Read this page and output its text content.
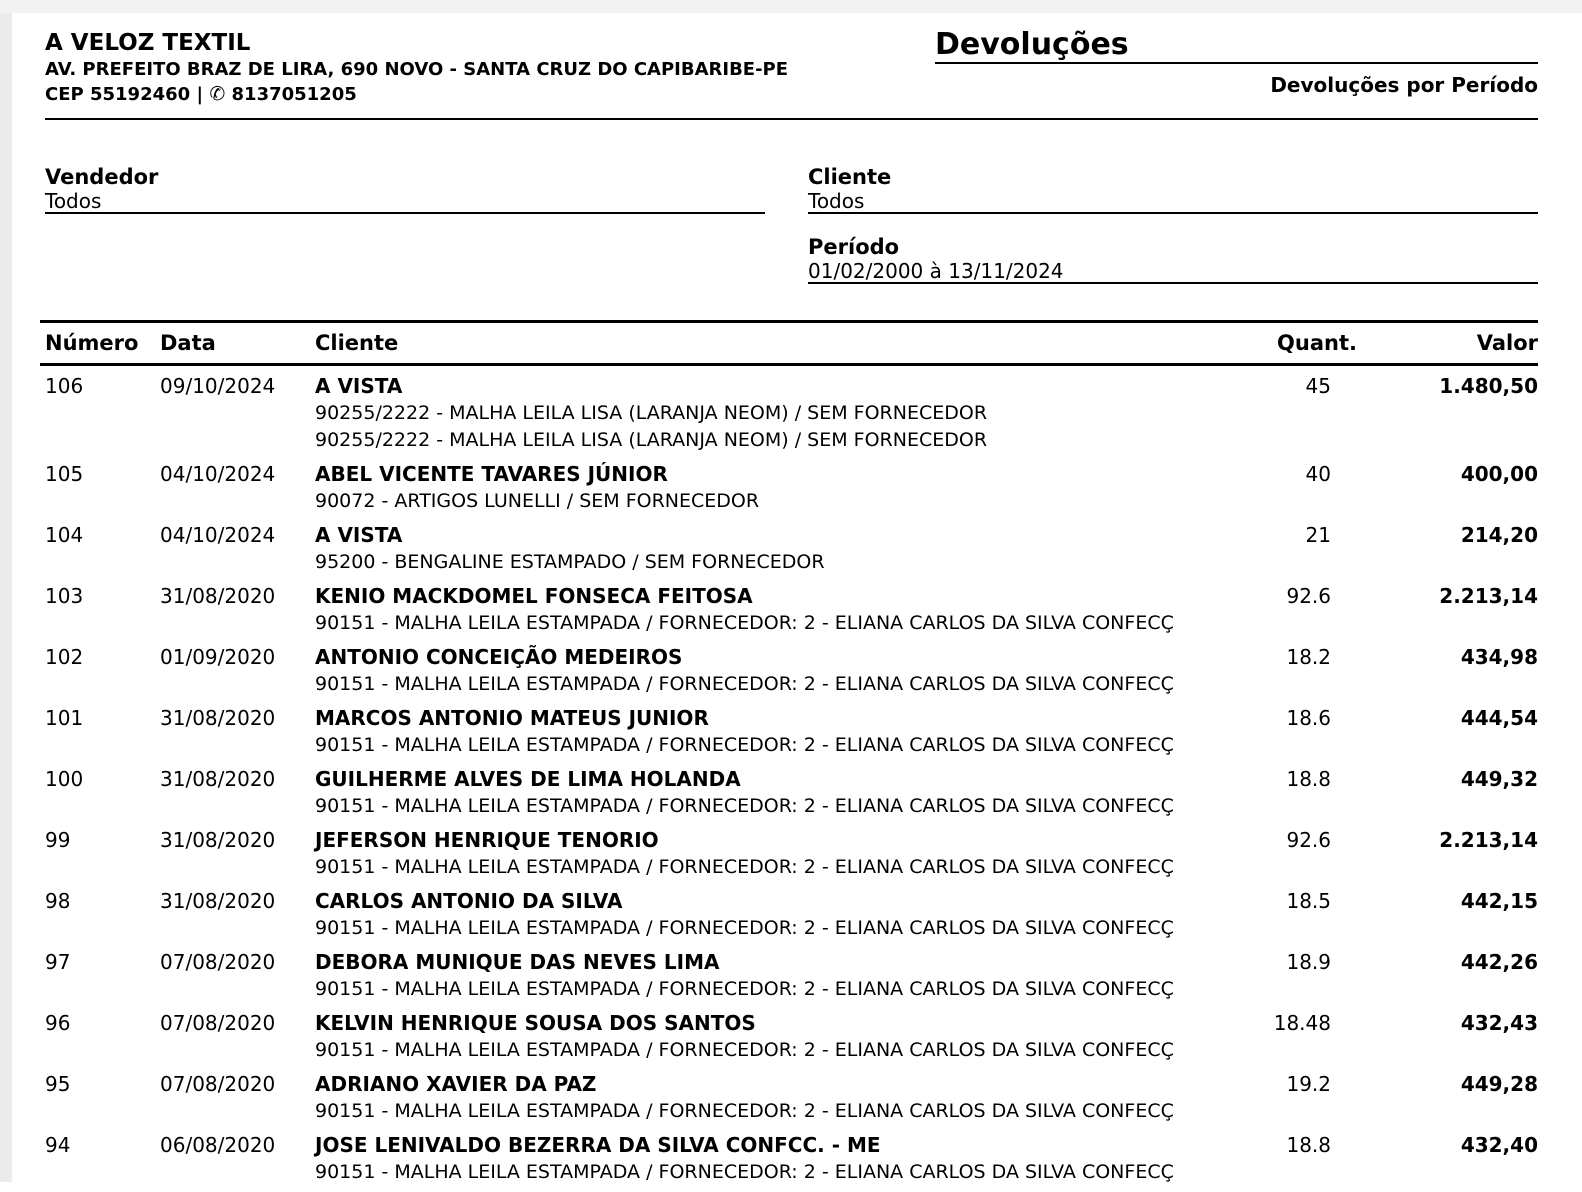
A VELOZ TEXTIL
AV. PREFEITO BRAZ DE LIRA, 690 NOVO - SANTA CRUZ DO CAPIBARIBE-PE
CEP 55192460 | ✆ 8137051205
Devoluções
Devoluções por Período
Vendedor
Todos
Cliente
Todos
Período
01/02/2000 à 13/11/2024
Número	Data	Cliente	Quant.	Valor
106	09/10/2024	A VISTA	45	1.480,50
90255/2222 - MALHA LEILA LISA (LARANJA NEOM) / SEM FORNECEDOR
90255/2222 - MALHA LEILA LISA (LARANJA NEOM) / SEM FORNECEDOR
105	04/10/2024	ABEL VICENTE TAVARES JÚNIOR	40	400,00
90072 - ARTIGOS LUNELLI / SEM FORNECEDOR
104	04/10/2024	A VISTA	21	214,20
95200 - BENGALINE ESTAMPADO / SEM FORNECEDOR
103	31/08/2020	KENIO MACKDOMEL FONSECA FEITOSA	92.6	2.213,14
90151 - MALHA LEILA ESTAMPADA / FORNECEDOR: 2 - ELIANA CARLOS DA SILVA CONFECÇ
102	01/09/2020	ANTONIO CONCEIÇÃO MEDEIROS	18.2	434,98
90151 - MALHA LEILA ESTAMPADA / FORNECEDOR: 2 - ELIANA CARLOS DA SILVA CONFECÇ
101	31/08/2020	MARCOS ANTONIO MATEUS JUNIOR	18.6	444,54
90151 - MALHA LEILA ESTAMPADA / FORNECEDOR: 2 - ELIANA CARLOS DA SILVA CONFECÇ
100	31/08/2020	GUILHERME ALVES DE LIMA HOLANDA	18.8	449,32
90151 - MALHA LEILA ESTAMPADA / FORNECEDOR: 2 - ELIANA CARLOS DA SILVA CONFECÇ
99	31/08/2020	JEFERSON HENRIQUE TENORIO	92.6	2.213,14
90151 - MALHA LEILA ESTAMPADA / FORNECEDOR: 2 - ELIANA CARLOS DA SILVA CONFECÇ
98	31/08/2020	CARLOS ANTONIO DA SILVA	18.5	442,15
90151 - MALHA LEILA ESTAMPADA / FORNECEDOR: 2 - ELIANA CARLOS DA SILVA CONFECÇ
97	07/08/2020	DEBORA MUNIQUE DAS NEVES LIMA	18.9	442,26
90151 - MALHA LEILA ESTAMPADA / FORNECEDOR: 2 - ELIANA CARLOS DA SILVA CONFECÇ
96	07/08/2020	KELVIN HENRIQUE SOUSA DOS SANTOS	18.48	432,43
90151 - MALHA LEILA ESTAMPADA / FORNECEDOR: 2 - ELIANA CARLOS DA SILVA CONFECÇ
95	07/08/2020	ADRIANO XAVIER DA PAZ	19.2	449,28
90151 - MALHA LEILA ESTAMPADA / FORNECEDOR: 2 - ELIANA CARLOS DA SILVA CONFECÇ
94	06/08/2020	JOSE LENIVALDO BEZERRA DA SILVA CONFCC. - ME	18.8	432,40
90151 - MALHA LEILA ESTAMPADA / FORNECEDOR: 2 - ELIANA CARLOS DA SILVA CONFECÇ
